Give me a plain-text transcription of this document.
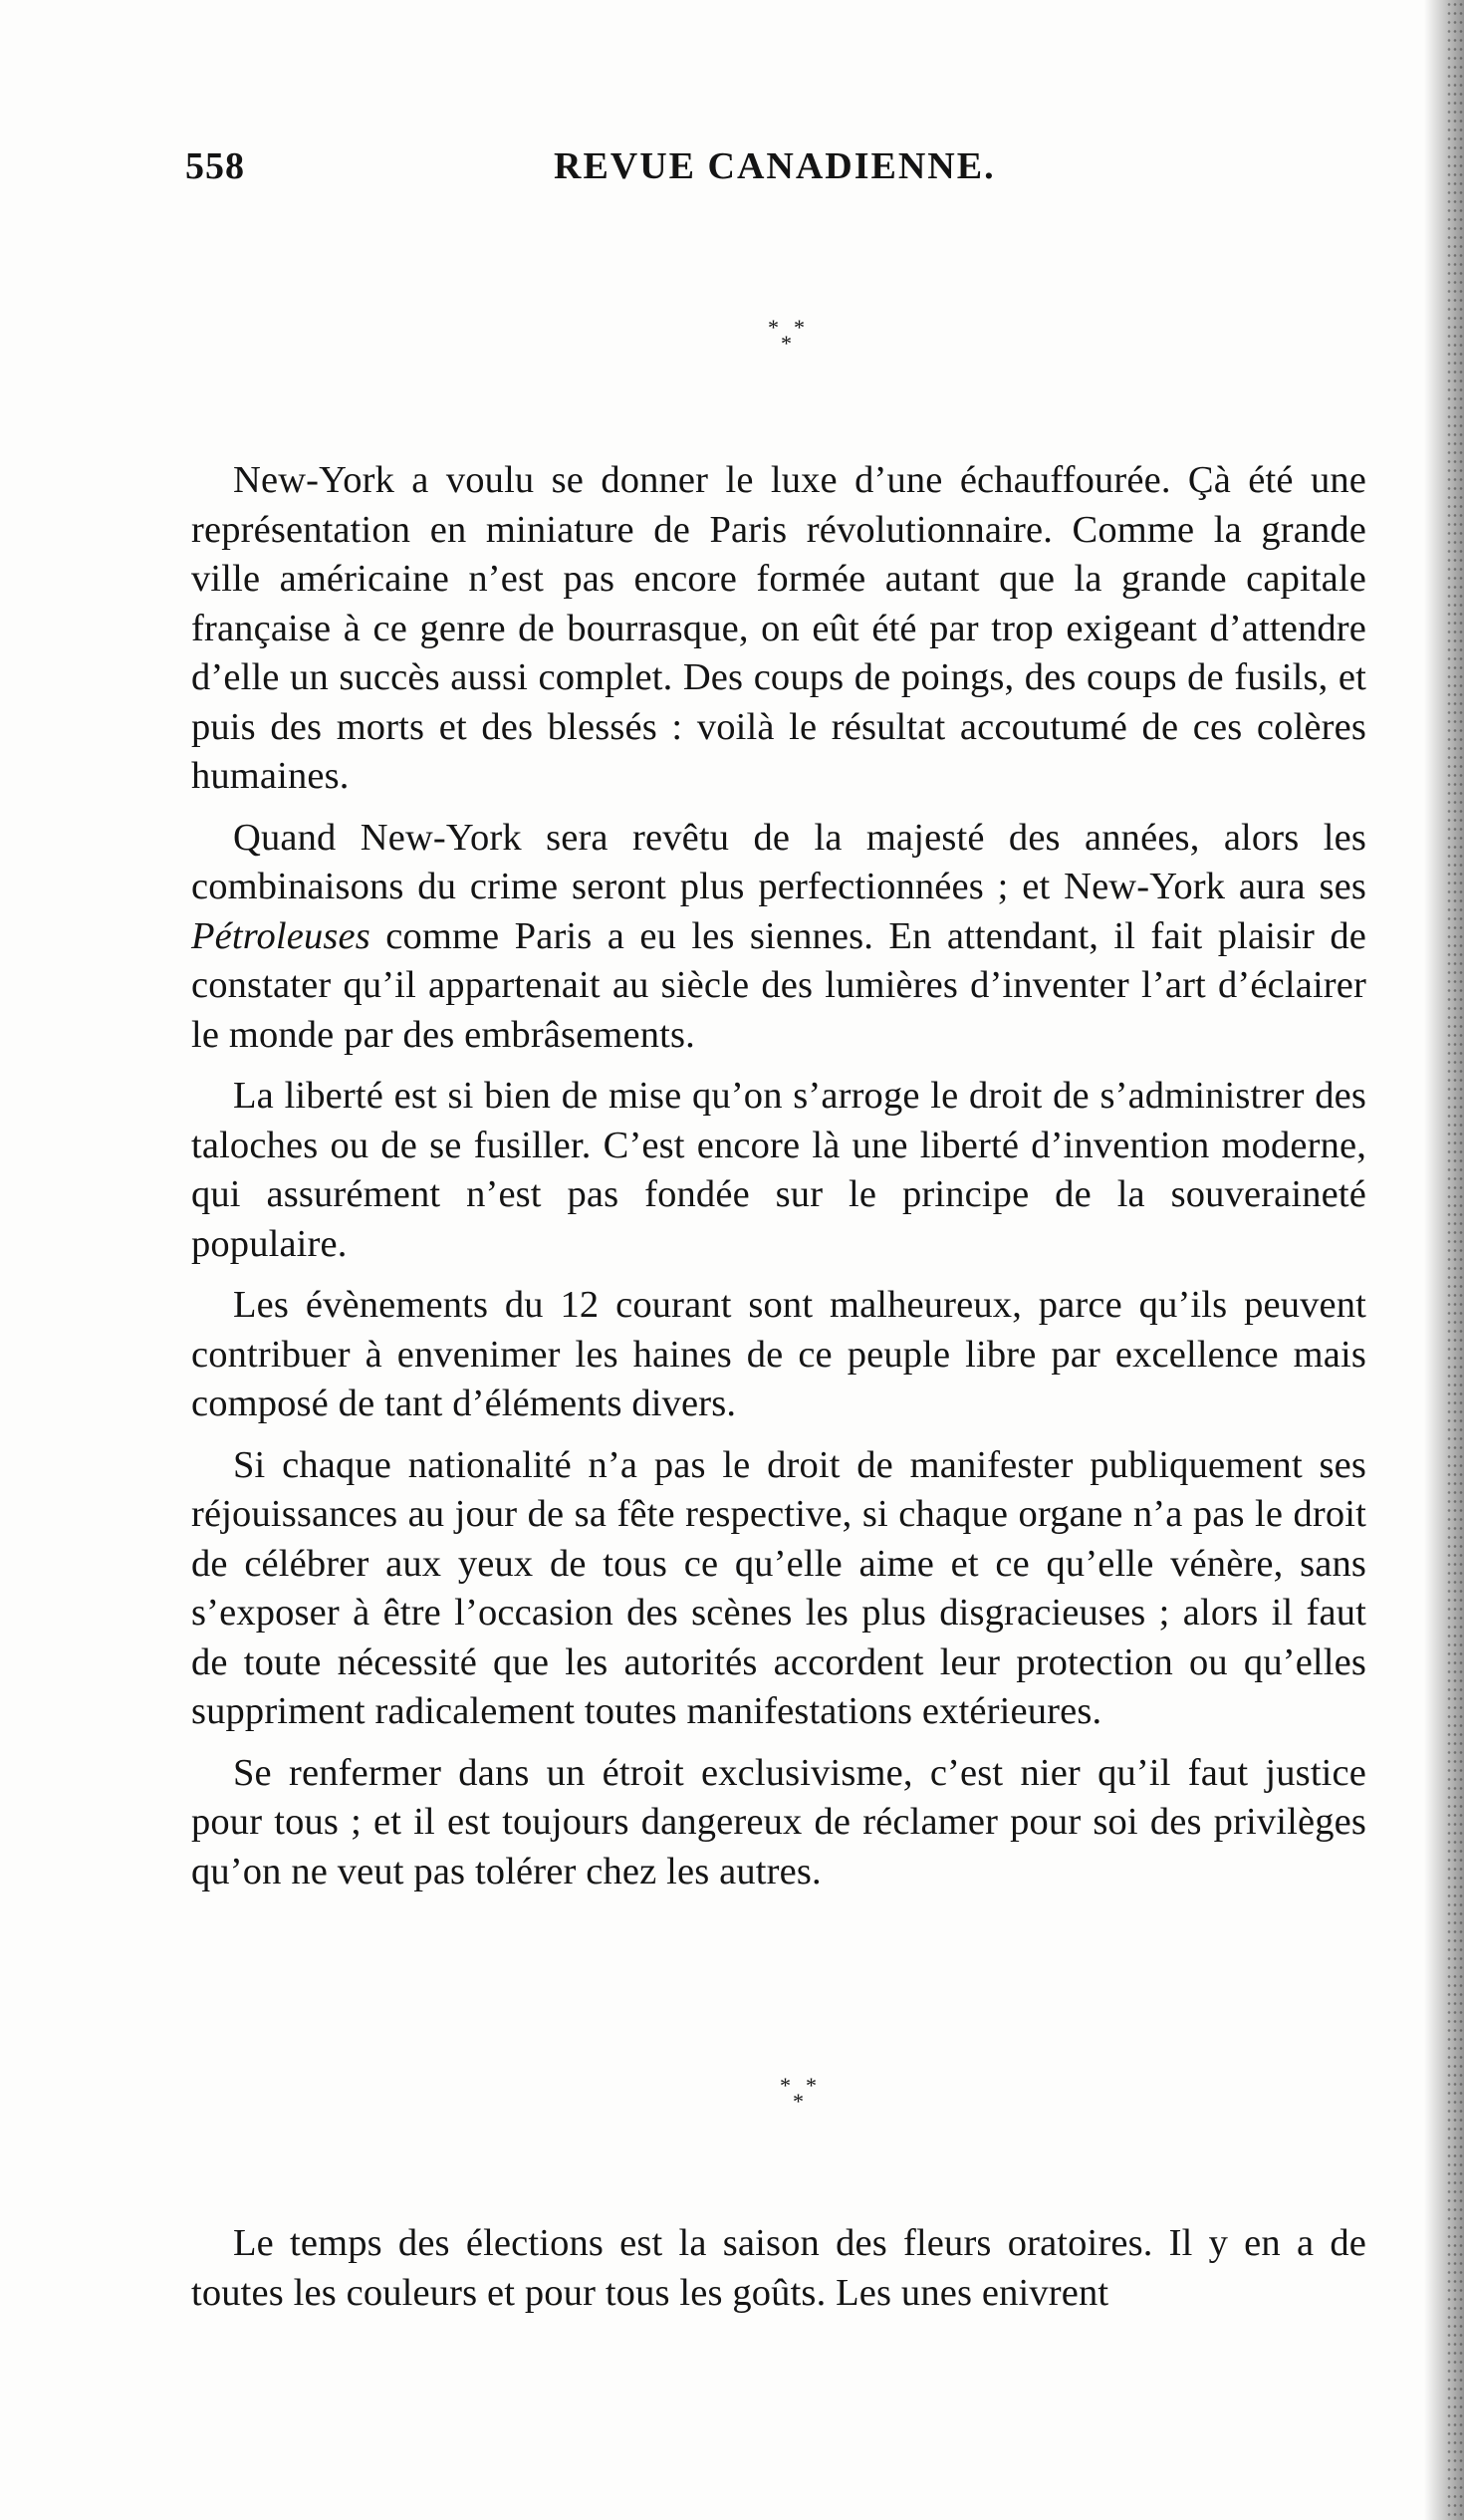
558	REVUE CANADIENNE.
* *
*

New-York a voulu se donner le luxe d’une échauffourée. Çà été une représentation en miniature de Paris révolutionnaire. Comme la grande ville américaine n’est pas encore formée autant que la grande capitale française à ce genre de bourrasque, on eût été par trop exigeant d’attendre d’elle un succès aussi complet. Des coups de poings, des coups de fusils, et puis des morts et des blessés : voilà le résultat accoutumé de ces colères humaines.

Quand New-York sera revêtu de la majesté des années, alors les combinaisons du crime seront plus perfectionnées ; et New-York aura ses Pétroleuses comme Paris a eu les siennes. En attendant, il fait plaisir de constater qu’il appartenait au siècle des lumières d’inventer l’art d’éclairer le monde par des embrâsements.

La liberté est si bien de mise qu’on s’arroge le droit de s’administrer des taloches ou de se fusiller. C’est encore là une liberté d’invention moderne, qui assurément n’est pas fondée sur le principe de la souveraineté populaire.

Les évènements du 12 courant sont malheureux, parce qu’ils peuvent contribuer à envenimer les haines de ce peuple libre par excellence mais composé de tant d’éléments divers.

Si chaque nationalité n’a pas le droit de manifester publiquement ses réjouissances au jour de sa fête respective, si chaque organe n’a pas le droit de célébrer aux yeux de tous ce qu’elle aime et ce qu’elle vénère, sans s’exposer à être l’occasion des scènes les plus disgracieuses ; alors il faut de toute nécessité que les autorités accordent leur protection ou qu’elles suppriment radicalement toutes manifestations extérieures.

Se renfermer dans un étroit exclusivisme, c’est nier qu’il faut justice pour tous ; et il est toujours dangereux de réclamer pour soi des privilèges qu’on ne veut pas tolérer chez les autres.

* *
*

Le temps des élections est la saison des fleurs oratoires. Il y en a de toutes les couleurs et pour tous les goûts. Les unes enivrent
